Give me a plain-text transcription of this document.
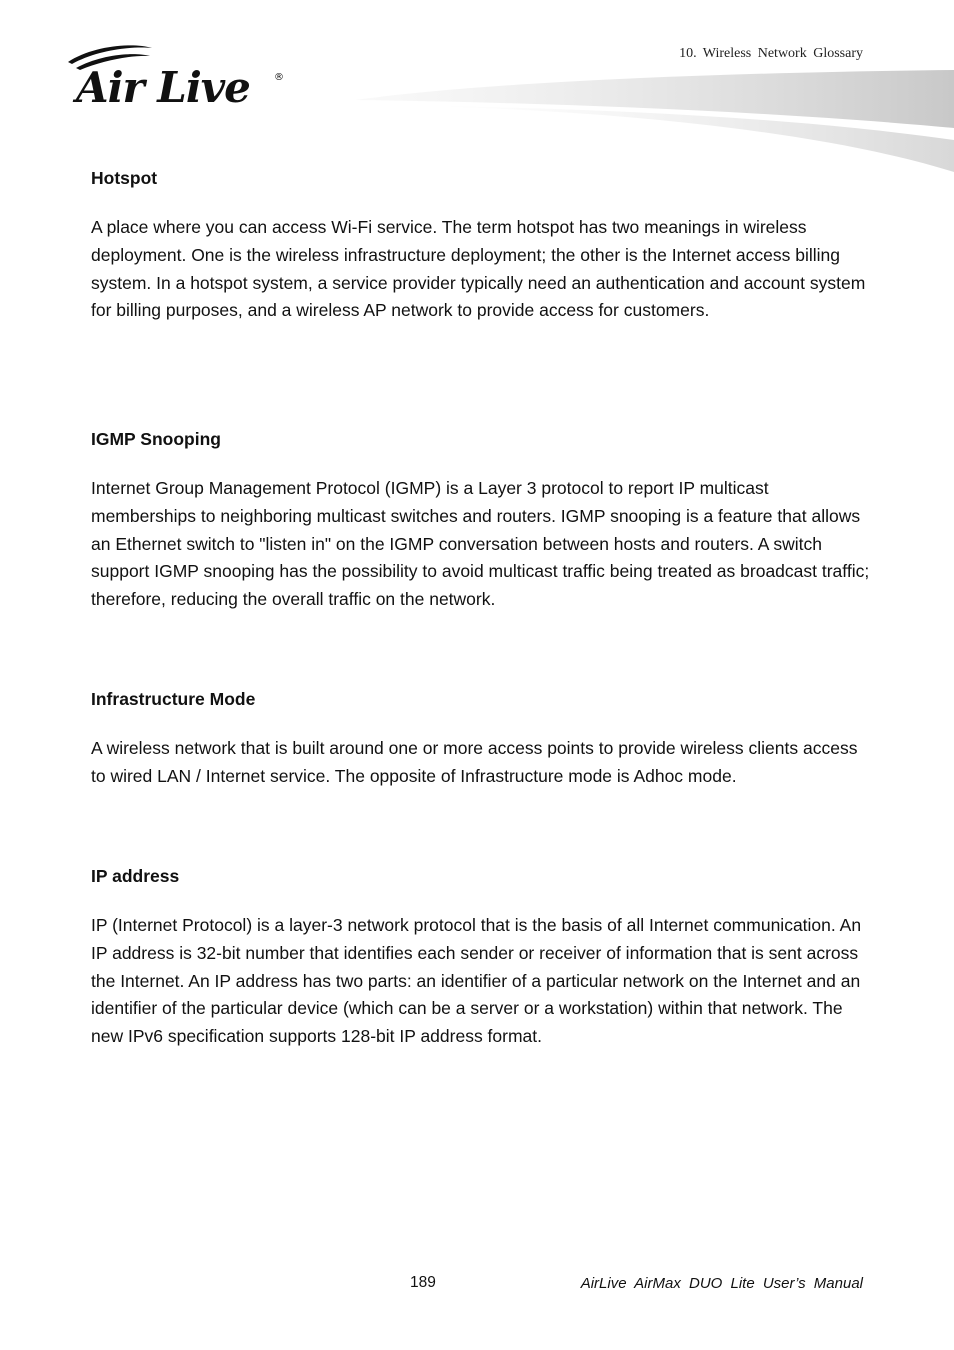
Air Live ®
10. Wireless Network Glossary
Hotspot

A place where you can access Wi-Fi service. The term hotspot has two meanings in wireless deployment. One is the wireless infrastructure deployment; the other is the Internet access billing system. In a hotspot system, a service provider typically need an authentication and account system for billing purposes, and a wireless AP network to provide access for customers.

IGMP Snooping

Internet Group Management Protocol (IGMP) is a Layer 3 protocol to report IP multicast memberships to neighboring multicast switches and routers. IGMP snooping is a feature that allows an Ethernet switch to "listen in" on the IGMP conversation between hosts and routers. A switch support IGMP snooping has the possibility to avoid multicast traffic being treated as broadcast traffic; therefore, reducing the overall traffic on the network.

Infrastructure Mode

A wireless network that is built around one or more access points to provide wireless clients access to wired LAN / Internet service. The opposite of Infrastructure mode is Adhoc mode.

IP address

IP (Internet Protocol) is a layer-3 network protocol that is the basis of all Internet communication. An IP address is 32-bit number that identifies each sender or receiver of information that is sent across the Internet. An IP address has two parts: an identifier of a particular network on the Internet and an identifier of the particular device (which can be a server or a workstation) within that network. The new IPv6 specification supports 128-bit IP address format.

189	AirLive AirMax DUO Lite User’s Manual
